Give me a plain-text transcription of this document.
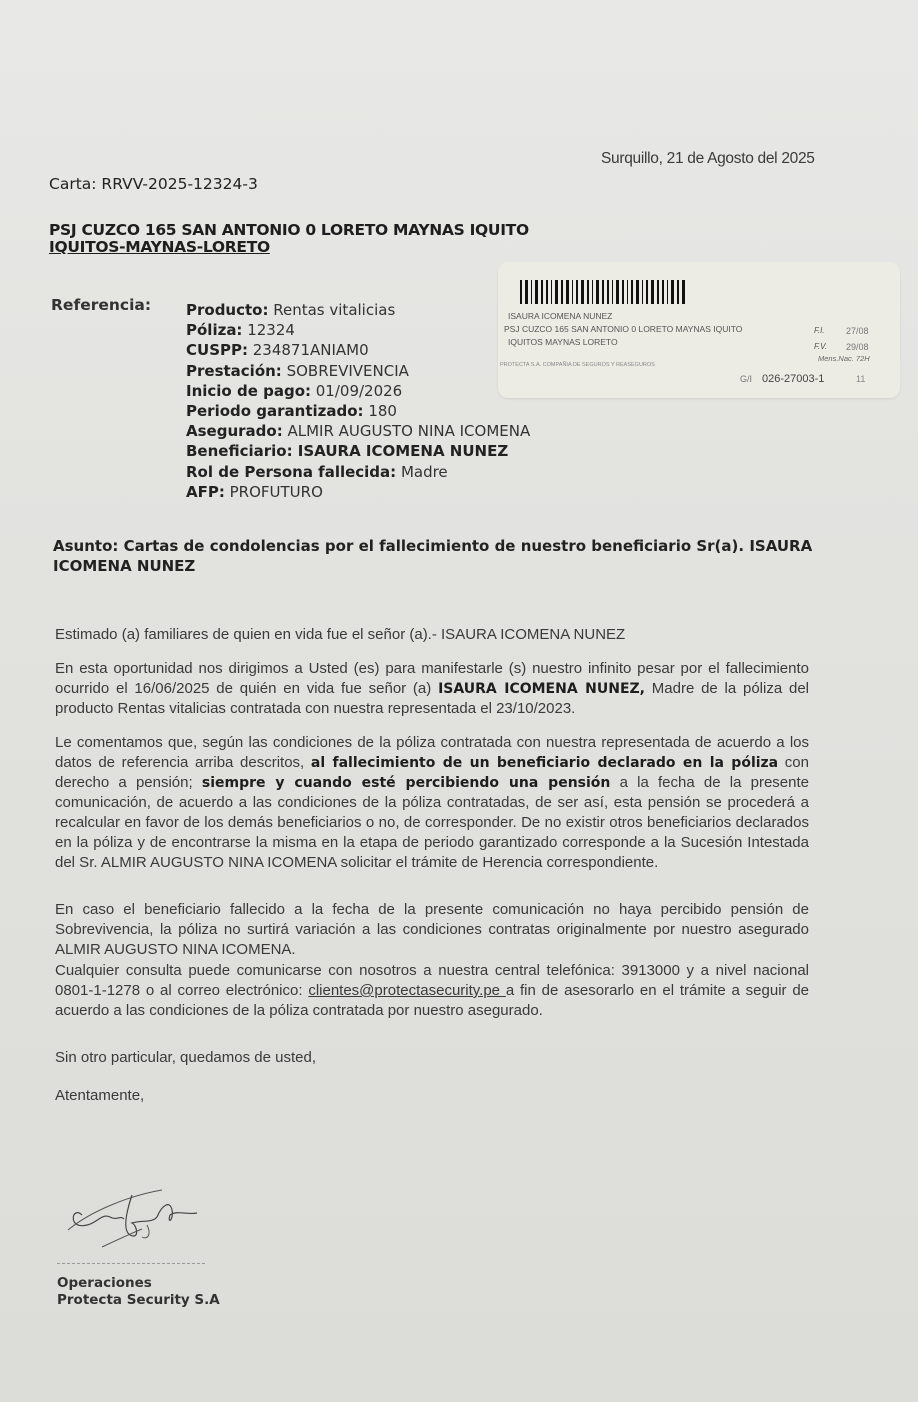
Surquillo, 21 de Agosto del 2025
Carta: RRVV-2025-12324-3
PSJ CUZCO 165 SAN ANTONIO 0 LORETO MAYNAS IQUITO
IQUITOS-MAYNAS-LORETO
Referencia: Producto: Rentas vitalicias
Póliza: 12324
CUSPP: 234871ANIAM0
Prestación: SOBREVIVENCIA
Inicio de pago: 01/09/2026
Periodo garantizado: 180
Asegurado: ALMIR AUGUSTO NINA ICOMENA
Beneficiario: ISAURA ICOMENA NUNEZ
Rol de Persona fallecida: Madre
AFP: PROFUTURO
ISAURA ICOMENA NUNEZ
PSJ CUZCO 165 SAN ANTONIO 0 LORETO MAYNAS IQUITO
IQUITOS MAYNAS LORETO
PROTECTA S.A. COMPAÑIA DE SEGUROS Y REASEGUROS
F.I. 27/08
F.V. 29/08
Mens.Nac. 72H
G/I 026-27003-1	11
Asunto: Cartas de condolencias por el fallecimiento de nuestro beneficiario Sr(a). ISAURA ICOMENA NUNEZ
Estimado (a) familiares de quien en vida fue el señor (a).- ISAURA ICOMENA NUNEZ
En esta oportunidad nos dirigimos a Usted (es) para manifestarle (s) nuestro infinito pesar por el fallecimiento ocurrido el 16/06/2025 de quién en vida fue señor (a) ISAURA ICOMENA NUNEZ, Madre de la póliza del producto Rentas vitalicias contratada con nuestra representada el 23/10/2023.
Le comentamos que, según las condiciones de la póliza contratada con nuestra representada de acuerdo a los datos de referencia arriba descritos, al fallecimiento de un beneficiario declarado en la póliza con derecho a pensión; siempre y cuando esté percibiendo una pensión a la fecha de la presente comunicación, de acuerdo a las condiciones de la póliza contratadas, de ser así, esta pensión se procederá a recalcular en favor de los demás beneficiarios o no, de corresponder. De no existir otros beneficiarios declarados en la póliza y de encontrarse la misma en la etapa de periodo garantizado corresponde a la Sucesión Intestada del Sr. ALMIR AUGUSTO NINA ICOMENA solicitar el trámite de Herencia correspondiente.
En caso el beneficiario fallecido a la fecha de la presente comunicación no haya percibido pensión de Sobrevivencia, la póliza no surtirá variación a las condiciones contratas originalmente por nuestro asegurado ALMIR AUGUSTO NINA ICOMENA.
Cualquier consulta puede comunicarse con nosotros a nuestra central telefónica: 3913000 y a nivel nacional 0801-1-1278 o al correo electrónico: clientes@protectasecurity.pe a fin de asesorarlo en el trámite a seguir de acuerdo a las condiciones de la póliza contratada por nuestro asegurado.
Sin otro particular, quedamos de usted,
Atentamente,
Operaciones
Protecta Security S.A
